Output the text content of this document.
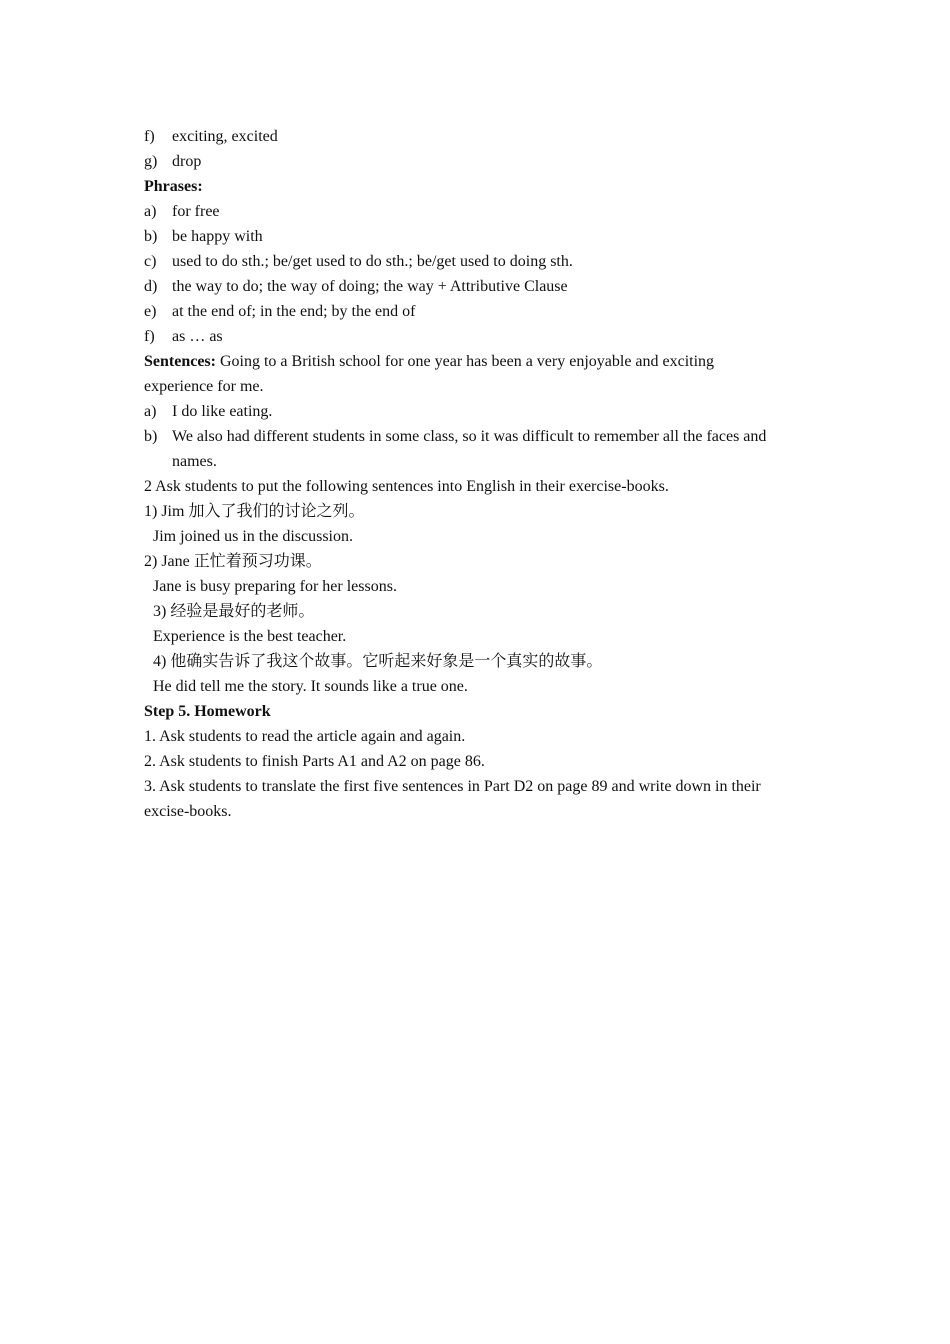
f)	exciting, excited
g) drop
Phrases:
a) for free
b) be happy with
c) used to do sth.; be/get used to do sth.; be/get used to doing sth.
d) the way to do; the way of doing; the way + Attributive Clause
e) at the end of; in the end; by the end of
f)	as … as
Sentences: Going to a British school for one year has been a very enjoyable and exciting
experience for me.
a) I do like eating.
b) We also had different students in some class, so it was difficult to remember all the faces and
names.
2 Ask students to put the following sentences into English in their exercise-books.
1) Jim 加入了我们的讨论之列。
Jim joined us in the discussion.
2) Jane 正忙着预习功课。
Jane is busy preparing for her lessons.
3) 经验是最好的老师。
Experience is the best teacher.
4) 他确实告诉了我这个故事。它听起来好象是一个真实的故事。
He did tell me the story. It sounds like a true one.
Step 5. Homework
1. Ask students to read the article again and again.
2. Ask students to finish Parts A1 and A2 on page 86.
3. Ask students to translate the first five sentences in Part D2 on page 89 and write down in their
excise-books.
